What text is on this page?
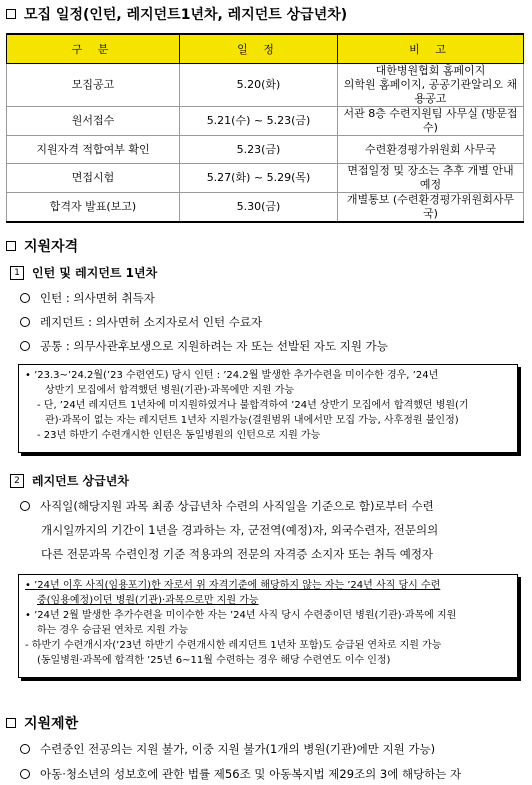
모집 일정(인턴, 레지던트1년차, 레지던트 상급년차)
구 분	일 정	비 고
모집공고	5.20(화)	대한병원협회 홈페이지
의학원 홈페이지, 공공기관알리오 채용공고

원서접수	5.21(수) ~ 5.23(금)	서관 8층 수련지원팀 사무실 (방문접수)
지원자격 적합여부 확인	5.23(금)	수련환경평가위원회 사무국
면접시험	5.27(화) ~ 5.29(목)	면접일정 및 장소는 추후 개별 안내 예정
합격자 발표(보고)	5.30(금)	개별통보 (수련환경평가위원회사무국)
지원자격
1	인턴 및 레지던트 1년차
인턴 : 의사면허 취득자
레지던트 : 의사면허 소지자로서 인턴 수료자
공통 : 의무사관후보생으로 지원하려는 자 또는 선발된 자도 지원 가능

• ’23.3~’24.2월(’23 수련연도) 당시 인턴 : ’24.2월 발생한 추가수련을 미이수한 경우, ’24년

상반기 모집에서 합격했던 병원(기관)·과목에만 지원 가능

- 단, ’24년 레지던트 1년차에 미지원하였거나 불합격하여 ’24년 상반기 모집에서 합격했던 병원(기

관)·과목이 없는 자는 레지던트 1년차 지원가능(결원범위 내에서만 모집 가능, 사후정원 불인정)

- 23년 하반기 수련개시한 인턴은 동일병원의 인턴으로 지원 가능

2	레지던트 상급년차
사직일(해당지원 과목 최종 상급년차 수련의 사직일을 기준으로 함)로부터 수련
개시일까지의 기간이 1년을 경과하는 자, 군전역(예정)자, 외국수련자, 전문의의
다른 전문과목 수련인정 기준 적용과의 전문의 자격증 소지자 또는 취득 예정자

• ’24년 이후 사직(임용포기)한 자로서 위 자격기준에 해당하지 않는 자는 ’24년 사직 당시 수련

중(임용예정)이던 병원(기관)·과목으로만 지원 가능

• ’24년 2월 발생한 추가수련을 미이수한 자는 ’24년 사직 당시 수련중이던 병원(기관)·과목에 지원

하는 경우 승급된 연차로 지원 가능

- 하반기 수련개시자(’23년 하반기 수련개시한 레지던트 1년차 포함)도 승급된 연차로 지원 가능

(동일병원·과목에 합격한 ’25년 6~11월 수련하는 경우 해당 수련연도 이수 인정)

지원제한
수련중인 전공의는 지원 불가, 이중 지원 불가(1개의 병원(기관)에만 지원 가능)
아동·청소년의 성보호에 관한 법률 제56조 및 아동복지법 제29조의 3에 해당하는 자
